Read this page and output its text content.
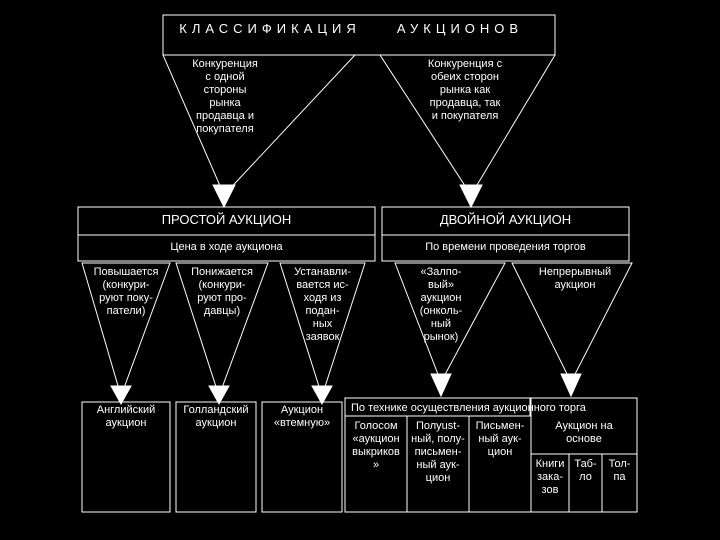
КЛАССИФИКАЦИЯ	АУКЦИОНОВ
Конкуренция
с одной
стороны
рынка
продавца и
покупателя
Конкуренция с
обеих сторон
рынка как
продавца, так
и покупателя
ПРОСТОЙ АУКЦИОН	ДВОЙНОЙ АУКЦИОН
Цена в ходе аукциона	По времени проведения торгов
Повышается
(конкури-
руют поку-
патели)
Понижается
(конкури-
руют про-
давцы)
Устанавли-
вается ис-
ходя из
подан-
ных
заявок
«Залпо-
вый»
аукцион
(онколь-
ный
рынок)
Непрерывный
аукцион
Английский
аукцион
Голландский
аукцион
Аукцион
«втемную»
По технике осуществления аукционного торга
Голосом
«аукцион
выкриков
»
Полуust-
ный, полу-
письмен-
ный аук-
цион
Письмен-
ный аук-
цион
Аукцион на
основе
Книги
зака-
зов
Таб-
ло
Тол-
па
